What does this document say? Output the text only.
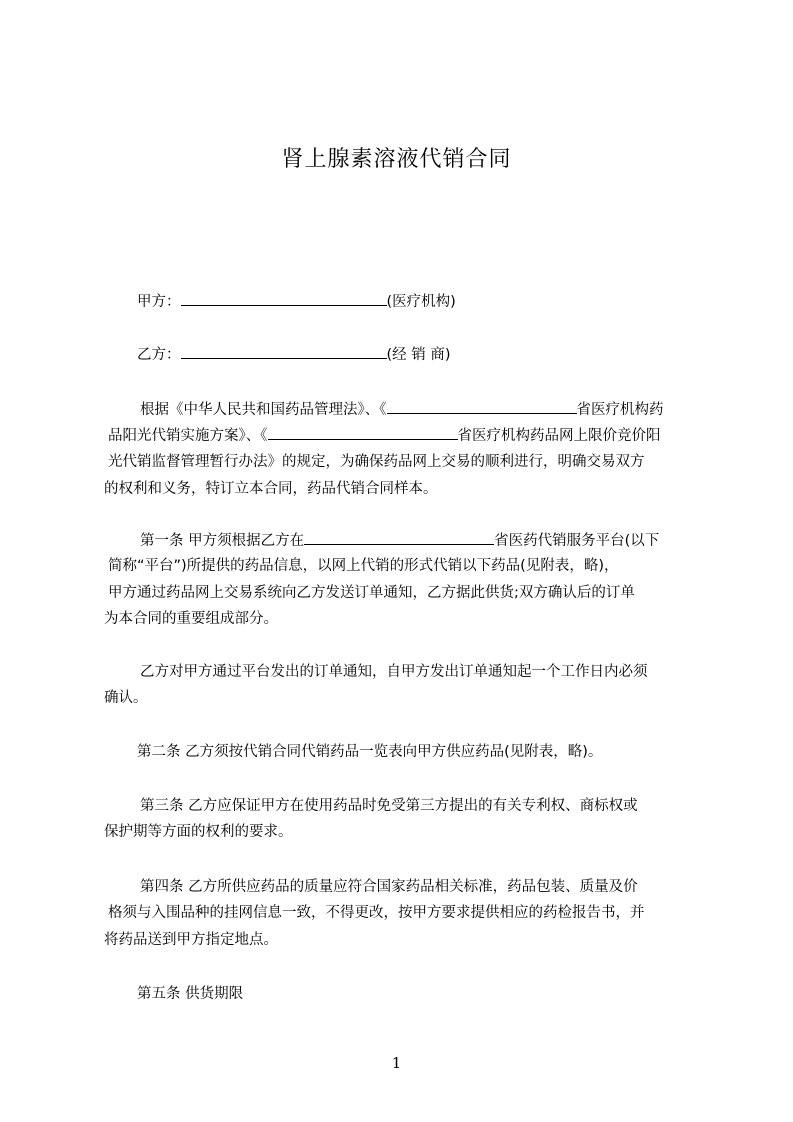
肾上腺素溶液代销合同
甲方：	(医疗机构)
乙方：	(经 销 商)
根据《中华人民共和国药品管理法》、《	省医疗机构药
品阳光代销实施方案》、《	省医疗机构药品网上限价竞价阳
光代销监督管理暂行办法》的规定，为确保药品网上交易的顺利进行，明确交易双方
的权利和义务，特订立本合同，药品代销合同样本。
第一条 甲方须根据乙方在	省医药代销服务平台(以下
简称“平台”)所提供的药品信息，以网上代销的形式代销以下药品(见附表，略)，
甲方通过药品网上交易系统向乙方发送订单通知，乙方据此供货;双方确认后的订单
为本合同的重要组成部分。
乙方对甲方通过平台发出的订单通知，自甲方发出订单通知起一个工作日内必须
确认。
第二条 乙方须按代销合同代销药品一览表向甲方供应药品(见附表，略)。
第三条 乙方应保证甲方在使用药品时免受第三方提出的有关专利权、商标权或
保护期等方面的权利的要求。
第四条 乙方所供应药品的质量应符合国家药品相关标准，药品包装、质量及价
格须与入围品种的挂网信息一致，不得更改，按甲方要求提供相应的药检报告书，并
将药品送到甲方指定地点。
第五条 供货期限
1
